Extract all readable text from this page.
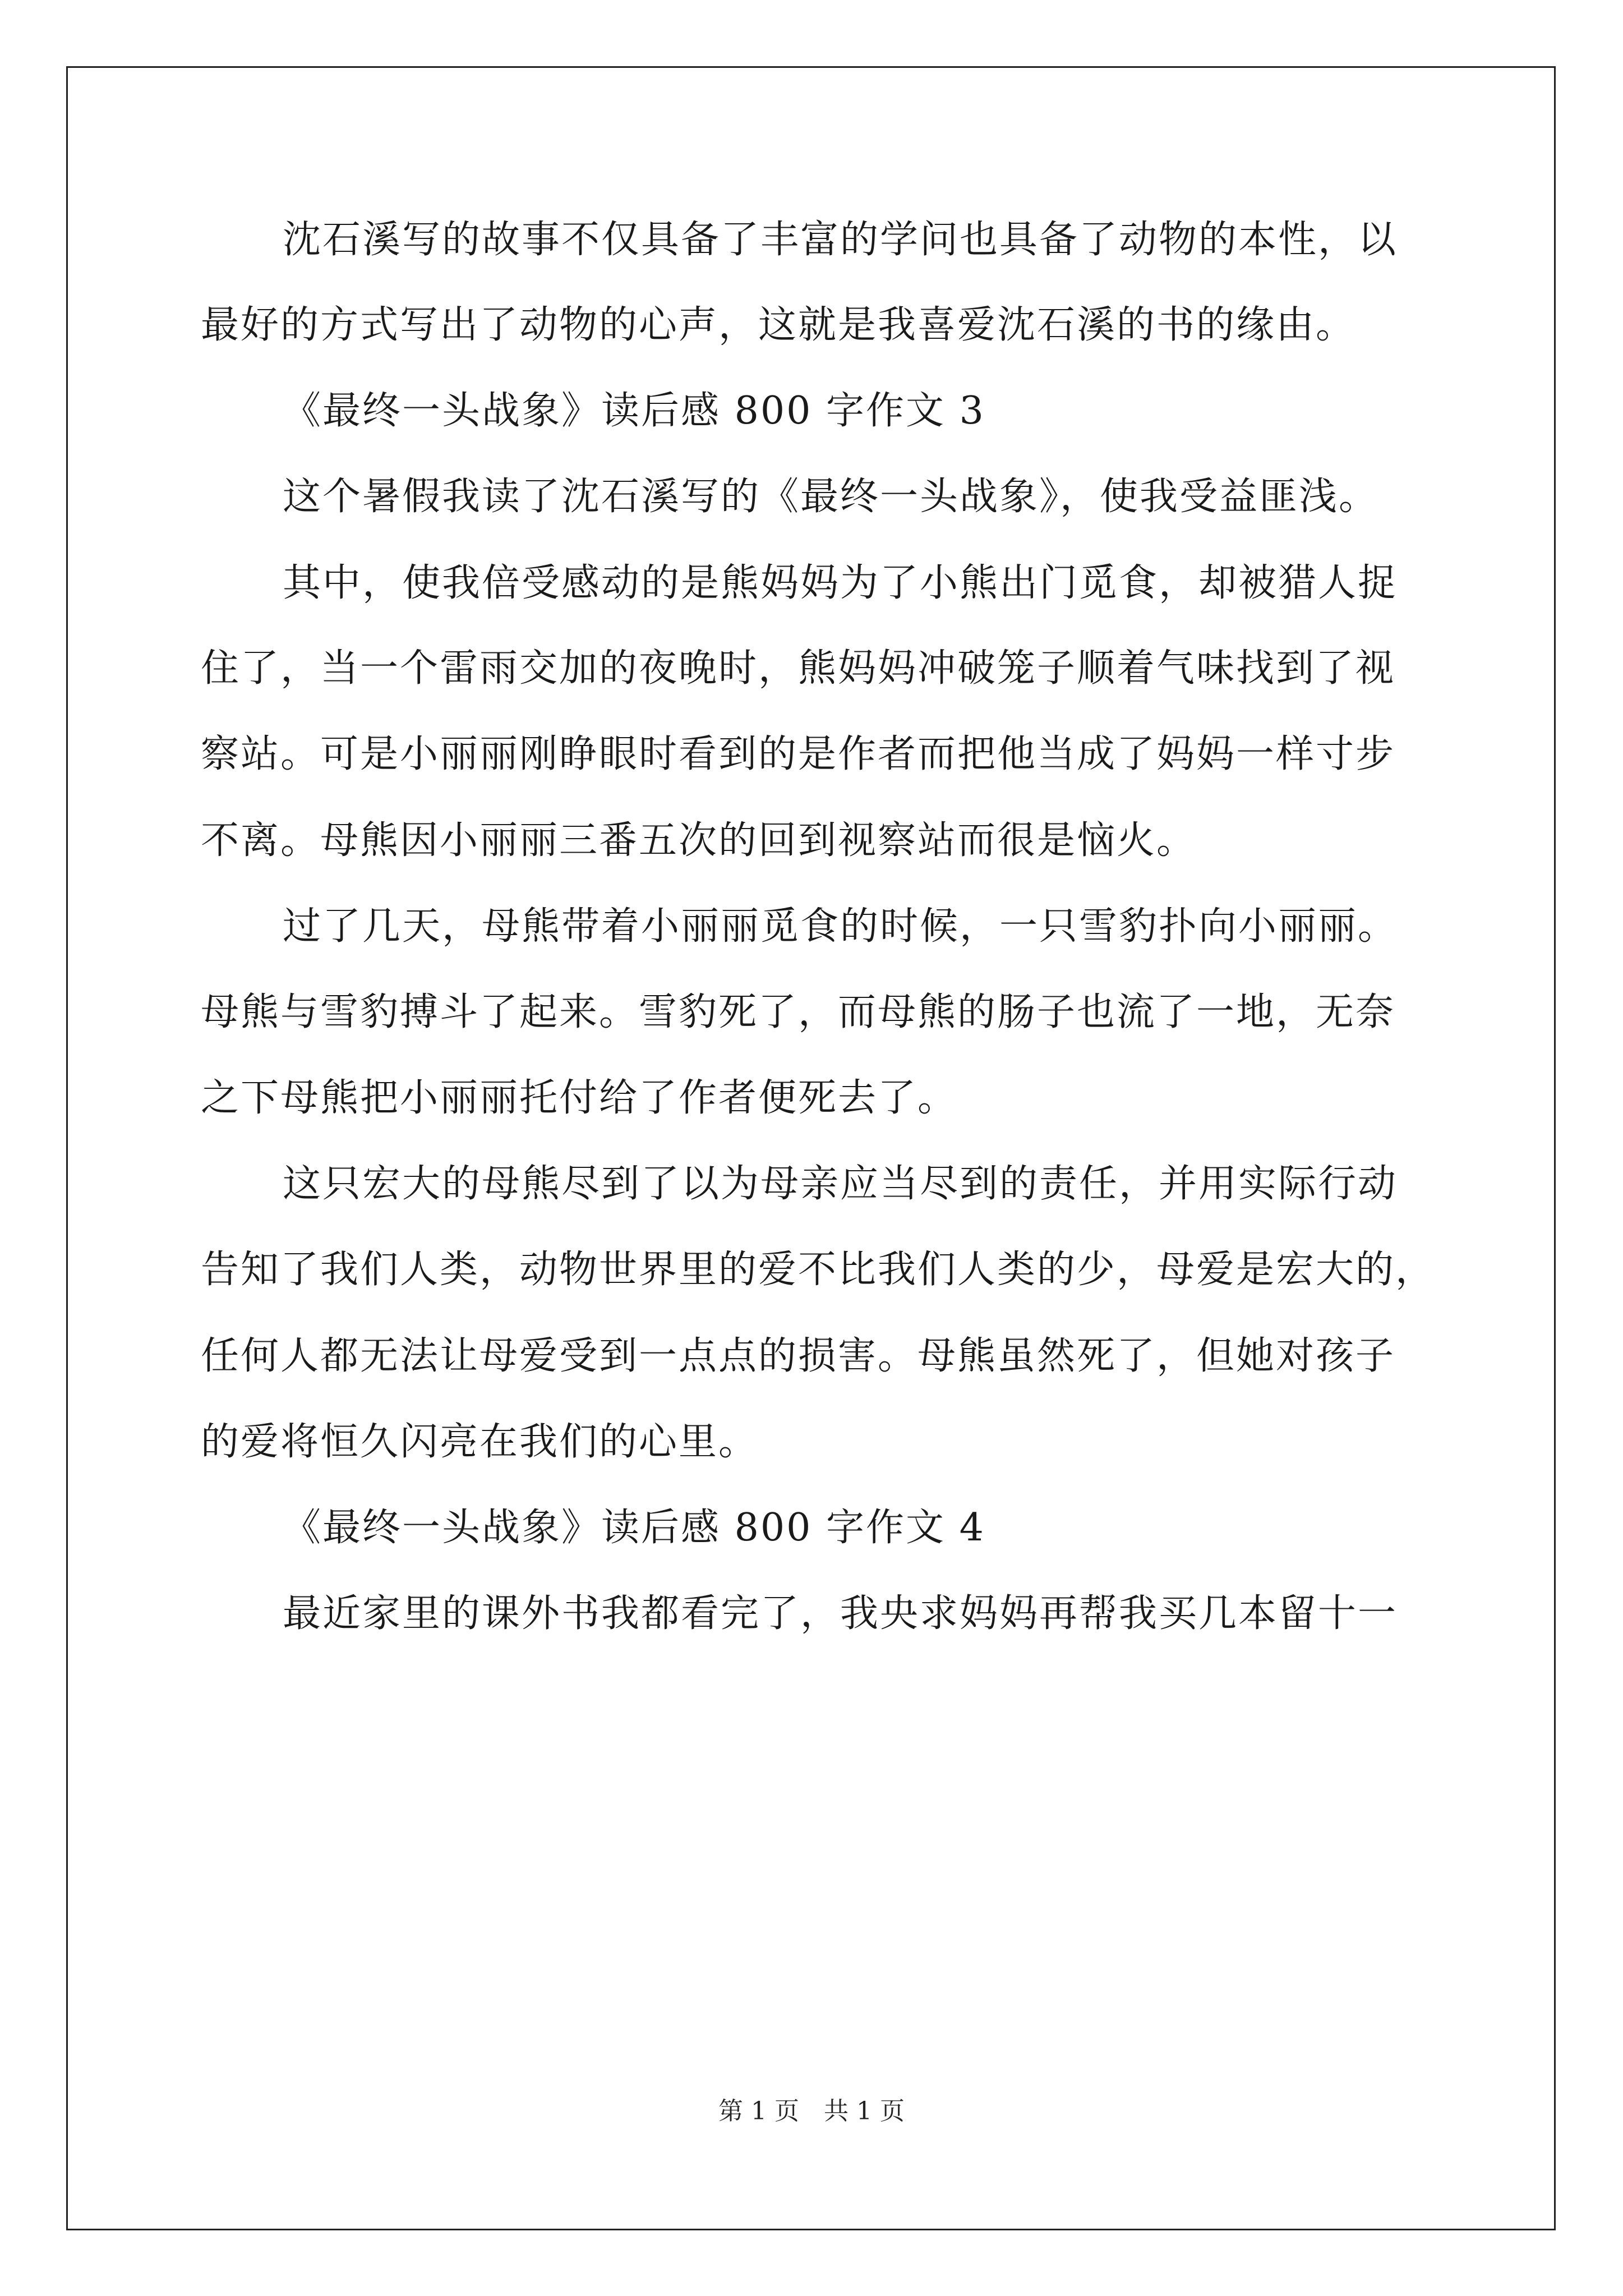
沈石溪写的故事不仅具备了丰富的学问也具备了动物的本性，以
最好的方式写出了动物的心声，这就是我喜爱沈石溪的书的缘由。
《最终一头战象》读后感 800 字作文 3
这个暑假我读了沈石溪写的《最终一头战象》，使我受益匪浅。
其中，使我倍受感动的是熊妈妈为了小熊出门觅食，却被猎人捉
住了，当一个雷雨交加的夜晚时，熊妈妈冲破笼子顺着气味找到了视
察站。可是小丽丽刚睁眼时看到的是作者而把他当成了妈妈一样寸步
不离。母熊因小丽丽三番五次的回到视察站而很是恼火。
过了几天，母熊带着小丽丽觅食的时候，一只雪豹扑向小丽丽。
母熊与雪豹搏斗了起来。雪豹死了，而母熊的肠子也流了一地，无奈
之下母熊把小丽丽托付给了作者便死去了。
这只宏大的母熊尽到了以为母亲应当尽到的责任，并用实际行动
告知了我们人类，动物世界里的爱不比我们人类的少，母爱是宏大的，
任何人都无法让母爱受到一点点的损害。母熊虽然死了，但她对孩子
的爱将恒久闪亮在我们的心里。
《最终一头战象》读后感 800 字作文 4
最近家里的课外书我都看完了，我央求妈妈再帮我买几本留十一
第 1 页　共 1 页
